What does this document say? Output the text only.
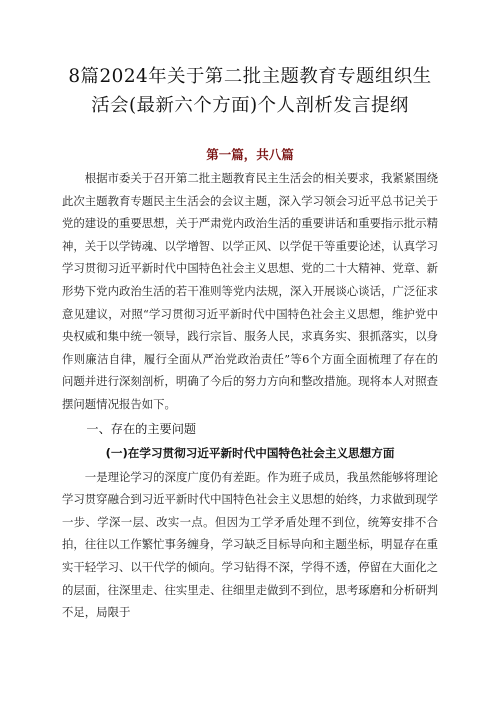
8篇2024年关于第二批主题教育专题组织生活会(最新六个方面)个人剖析发言提纲
第一篇，共八篇

根据市委关于召开第二批主题教育民主生活会的相关要求，我紧紧围绕此次主题教育专题民主生活会的会议主题，深入学习领会习近平总书记关于党的建设的重要思想，关于严肃党内政治生活的重要讲话和重要指示批示精神，关于以学铸魂、以学增智、以学正风、以学促干等重要论述，认真学习学习贯彻习近平新时代中国特色社会主义思想、党的二十大精神、党章、新形势下党内政治生活的若干准则等党内法规，深入开展谈心谈话，广泛征求意见建议，对照“学习贯彻习近平新时代中国特色社会主义思想，维护党中央权威和集中统一领导，践行宗旨、服务人民，求真务实、狠抓落实，以身作则廉洁自律，履行全面从严治党政治责任”等6个方面全面梳理了存在的问题并进行深刻剖析，明确了今后的努力方向和整改措施。现将本人对照查摆问题情况报告如下。

一、存在的主要问题

(一)在学习贯彻习近平新时代中国特色社会主义思想方面

一是理论学习的深度广度仍有差距。作为班子成员，我虽然能够将理论学习贯穿融合到习近平新时代中国特色社会主义思想的始终，力求做到现学一步、学深一层、改实一点。但因为工学矛盾处理不到位，统筹安排不合拍，往往以工作繁忙事务缠身，学习缺乏目标导向和主题坐标，明显存在重实干轻学习、以干代学的倾向。学习钻得不深，学得不透，停留在大面化之的层面，往深里走、往实里走、往细里走做到不到位，思考琢磨和分析研判不足，局限于
